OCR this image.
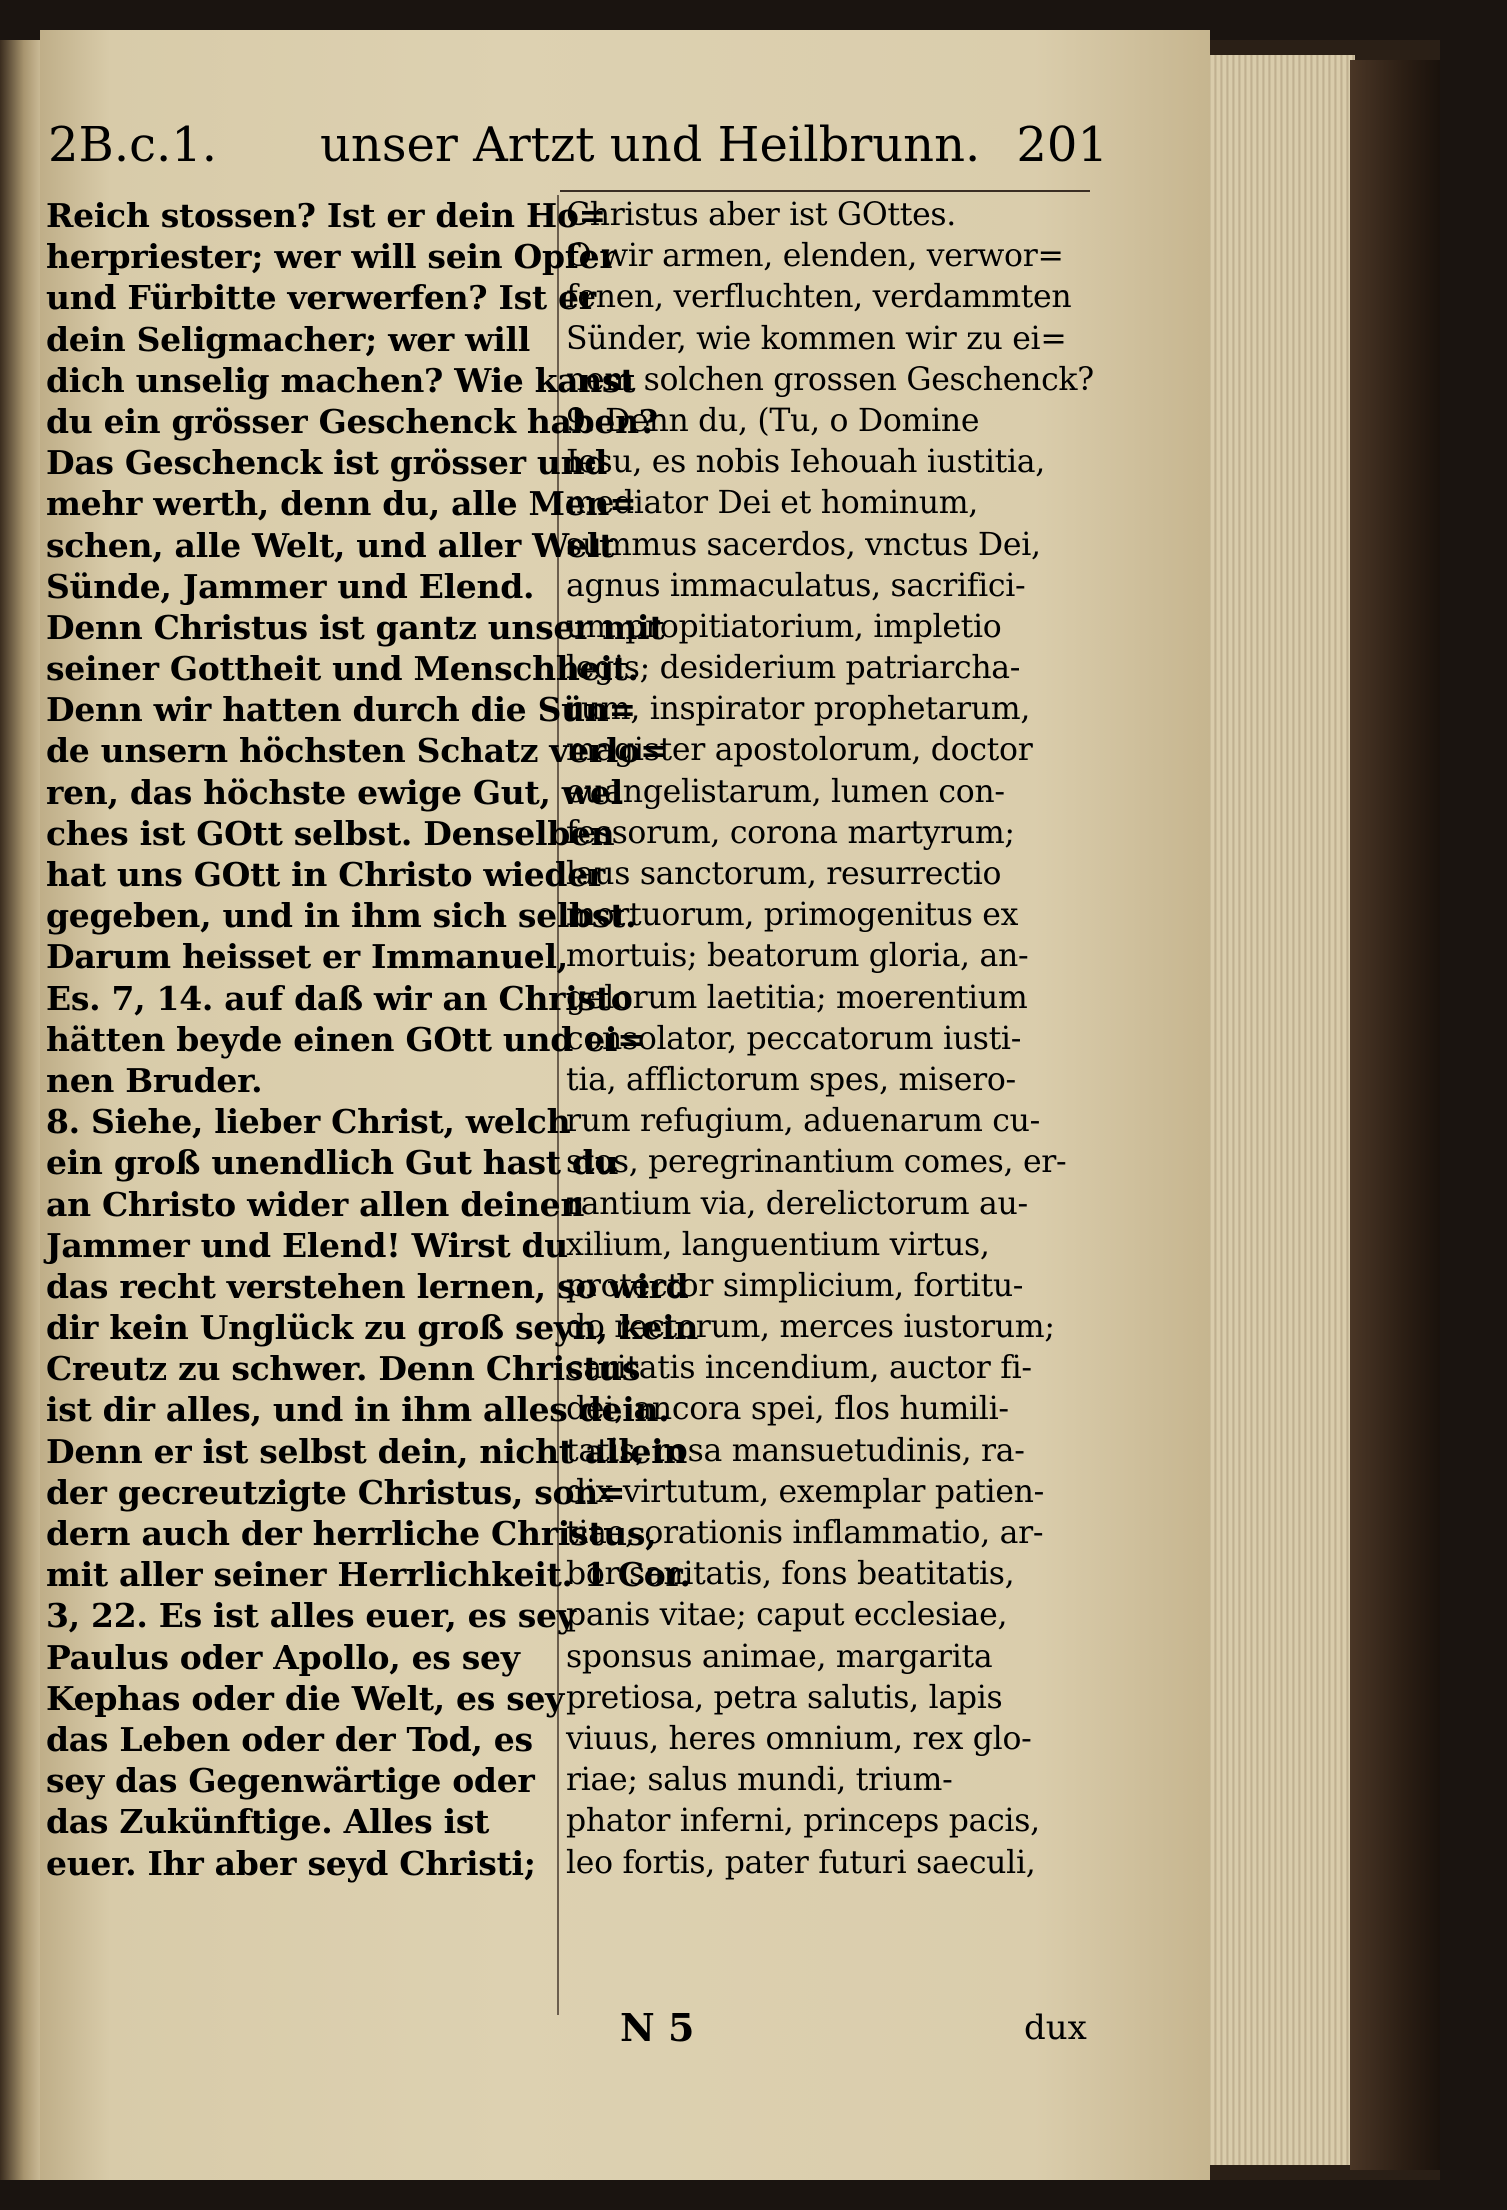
2B.c.1. unser Artzt und Heilbrunn. 201
Reich stossen? Ist er dein Ho=
herpriester; wer will sein Opfer
und Fürbitte verwerfen? Ist er
dein Seligmacher; wer will
dich unselig machen? Wie kanst
du ein grösser Geschenck haben?
Das Geschenck ist grösser und
mehr werth, denn du, alle Men=
schen, alle Welt, und aller Welt
Sünde, Jammer und Elend.
Denn Christus ist gantz unser mit
seiner Gottheit und Menschheit.
Denn wir hatten durch die Sün=
de unsern höchsten Schatz verlo=
ren, das höchste ewige Gut, wel
ches ist GOtt selbst. Denselben
hat uns GOtt in Christo wieder
gegeben, und in ihm sich selbst.
Darum heisset er Immanuel,
Es. 7, 14. auf daß wir an Christo
hätten beyde einen GOtt und ei=
nen Bruder.
8. Siehe, lieber Christ, welch
ein groß unendlich Gut hast du
an Christo wider allen deinen
Jammer und Elend! Wirst du
das recht verstehen lernen, so wird
dir kein Unglück zu groß seyn, kein
Creutz zu schwer. Denn Christus
ist dir alles, und in ihm alles dein.
Denn er ist selbst dein, nicht allein
der gecreutzigte Christus, son=
dern auch der herrliche Christus,
mit aller seiner Herrlichkeit. 1 Cor.
3, 22. Es ist alles euer, es sey
Paulus oder Apollo, es sey
Kephas oder die Welt, es sey
das Leben oder der Tod, es
sey das Gegenwärtige oder
das Zukünftige. Alles ist
euer. Ihr aber seyd Christi;
Christus aber ist GOttes.
O wir armen, elenden, verwor=
fenen, verfluchten, verdammten
Sünder, wie kommen wir zu ei=
nem solchen grossen Geschenck?
9. Denn du, (Tu, o Domine
Iesu, es nobis Iehouah iustitia,
mediator Dei et hominum,
summus sacerdos, vnctus Dei,
agnus immaculatus, sacrifici-
um propitiatorium, impletio
legis; desiderium patriarcha-
rum, inspirator prophetarum,
magister apostolorum, doctor
euangelistarum, lumen con-
fessorum, corona martyrum;
laus sanctorum, resurrectio
mortuorum, primogenitus ex
mortuis; beatorum gloria, an-
gelorum laetitia; moerentium
consolator, peccatorum iusti-
tia, afflictorum spes, misero-
rum refugium, aduenarum cu-
stos, peregrinantium comes, er-
rantium via, derelictorum au-
xilium, languentium virtus,
protector simplicium, fortitu-
do rectorum, merces iustorum;
caritatis incendium, auctor fi-
dei, ancora spei, flos humili-
tatis, rosa mansuetudinis, ra-
dix virtutum, exemplar patien-
tiae, orationis inflammatio, ar-
bor sanitatis, fons beatitatis,
panis vitae; caput ecclesiae,
sponsus animae, margarita
pretiosa, petra salutis, lapis
viuus, heres omnium, rex glo-
riae; salus mundi, trium-
phator inferni, princeps pacis,
leo fortis, pater futuri saeculi,
N 5	dux
